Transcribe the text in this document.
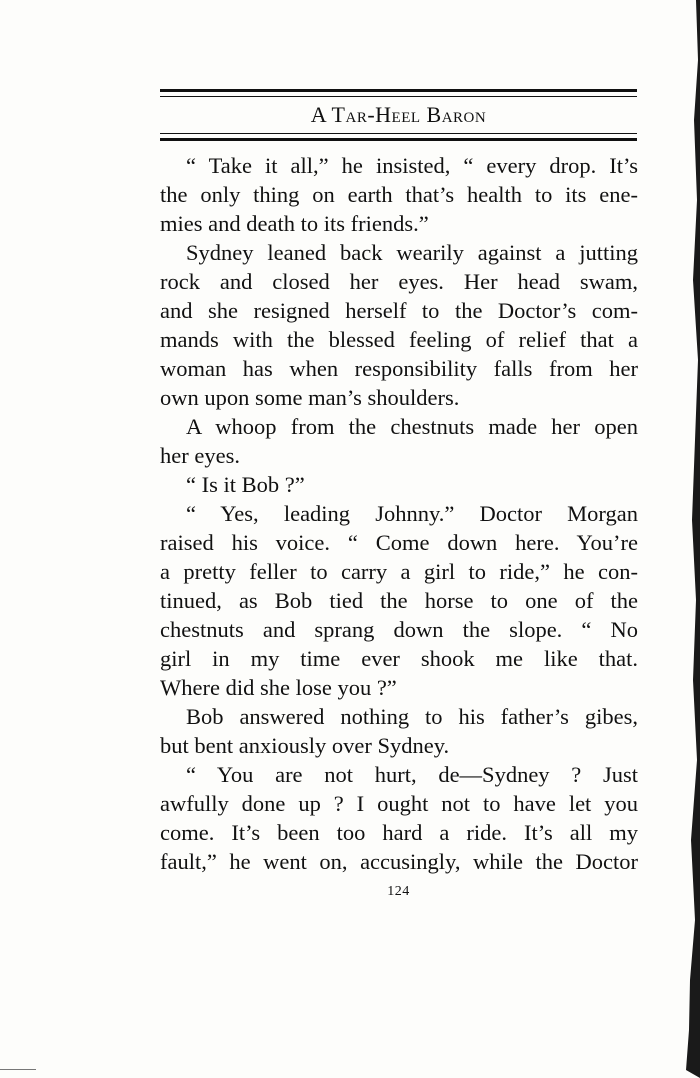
A Tar-Heel Baron
“ Take it all,” he insisted, “ every drop. It’s
the only thing on earth that’s health to its ene-
mies and death to its friends.”
Sydney leaned back wearily against a jutting
rock and closed her eyes. Her head swam,
and she resigned herself to the Doctor’s com-
mands with the blessed feeling of relief that a
woman has when responsibility falls from her
own upon some man’s shoulders.
A whoop from the chestnuts made her open
her eyes.
“ Is it Bob ?”
“ Yes, leading Johnny.” Doctor Morgan
raised his voice. “ Come down here. You’re
a pretty feller to carry a girl to ride,” he con-
tinued, as Bob tied the horse to one of the
chestnuts and sprang down the slope. “ No
girl in my time ever shook me like that.
Where did she lose you ?”
Bob answered nothing to his father’s gibes,
but bent anxiously over Sydney.
“ You are not hurt, de—Sydney ? Just
awfully done up ? I ought not to have let you
come. It’s been too hard a ride. It’s all my
fault,” he went on, accusingly, while the Doctor
124
